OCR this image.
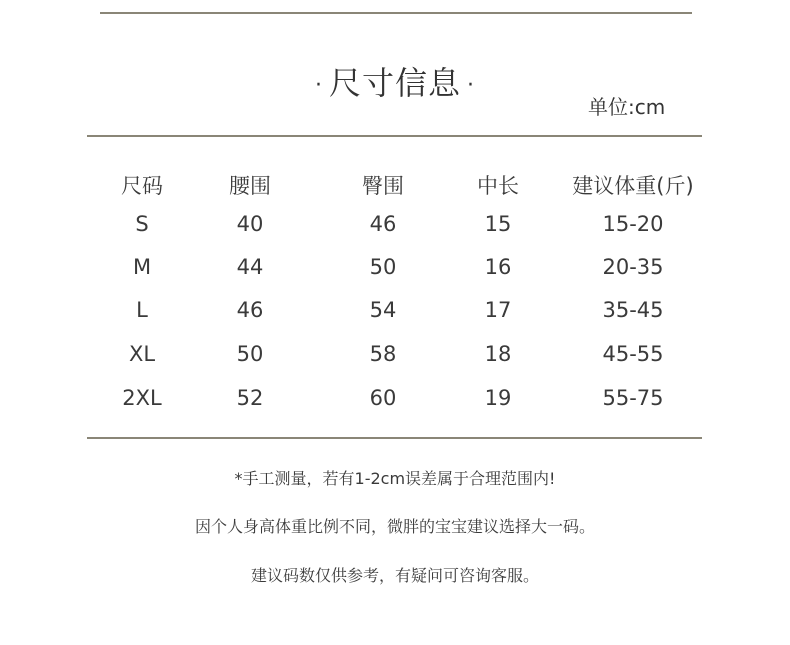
· 尺寸信息 ·
单位:cm
尺码	腰围	臀围	中长	建议体重(斤)
S	40	46	15	15-20
M	44	50	16	20-35
L	46	54	17	35-45
XL	50	58	18	45-55
2XL	52	60	19	55-75
*手工测量，若有1-2cm误差属于合理范围内!
因个人身高体重比例不同，微胖的宝宝建议选择大一码。
建议码数仅供参考，有疑问可咨询客服。
